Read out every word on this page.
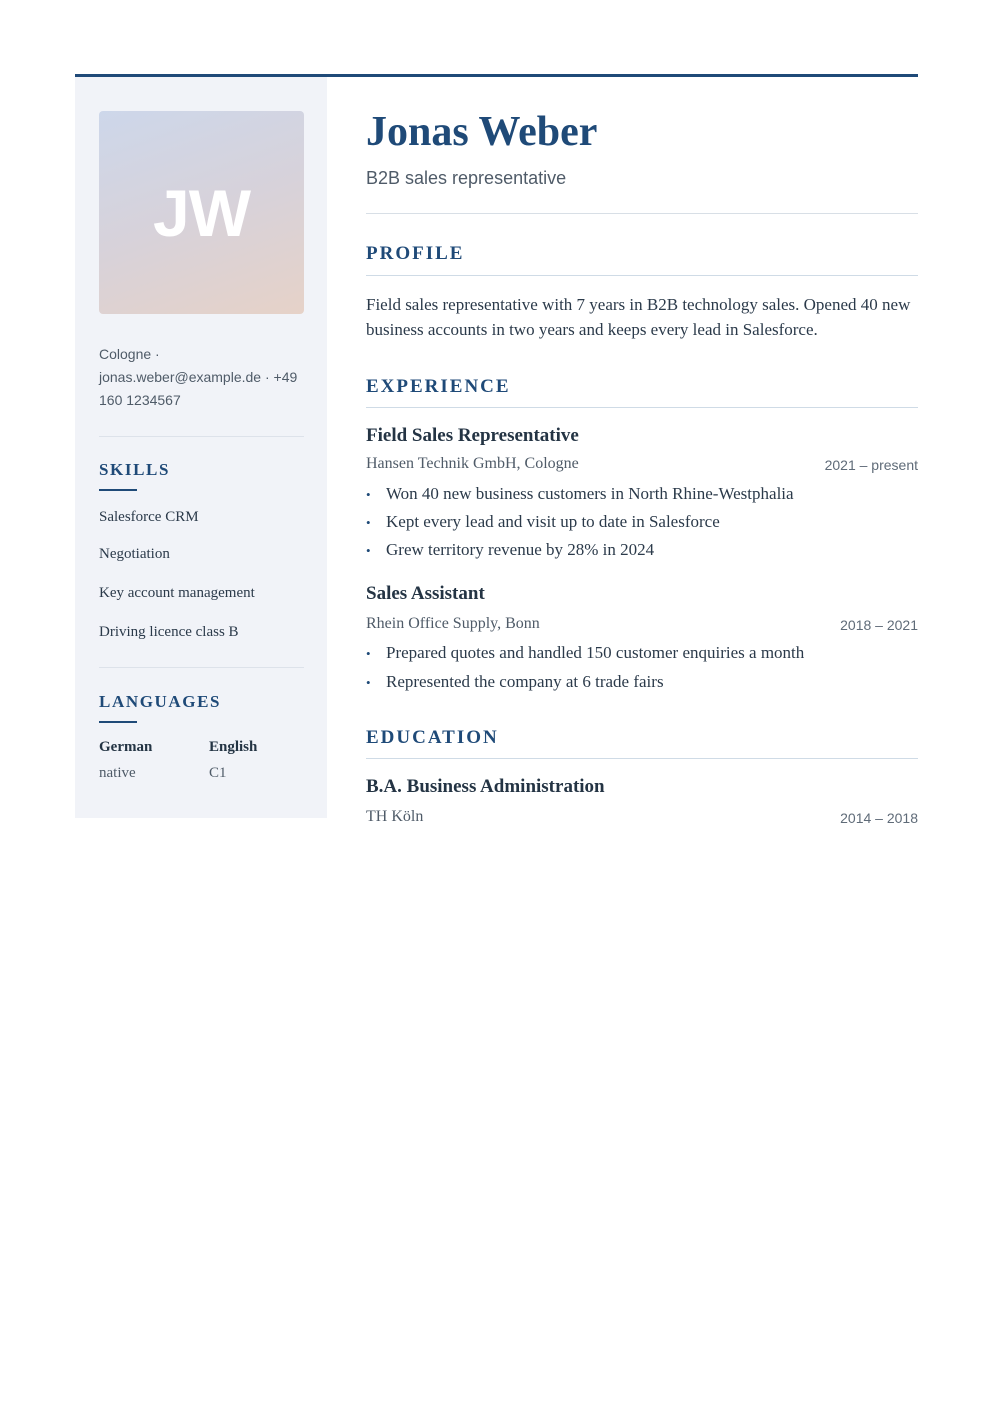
JW
Cologne ·
jonas.weber@example.de · +49
160 1234567
SKILLS
Salesforce CRM
Negotiation
Key account management
Driving licence class B
LANGUAGES
German
native
English
C1
Jonas Weber
B2B sales representative
PROFILE

Field sales representative with 7 years in B2B technology sales. Opened 40 new business accounts in two years and keeps every lead in Salesforce.

EXPERIENCE
Field Sales Representative
Hansen Technik GmbH, Cologne	2021 – present
• Won 40 new business customers in North Rhine-Westphalia
• Kept every lead and visit up to date in Salesforce
• Grew territory revenue by 28% in 2024
Sales Assistant
Rhein Office Supply, Bonn	2018 – 2021
• Prepared quotes and handled 150 customer enquiries a month
• Represented the company at 6 trade fairs
EDUCATION
B.A. Business Administration
TH Köln	2014 – 2018
